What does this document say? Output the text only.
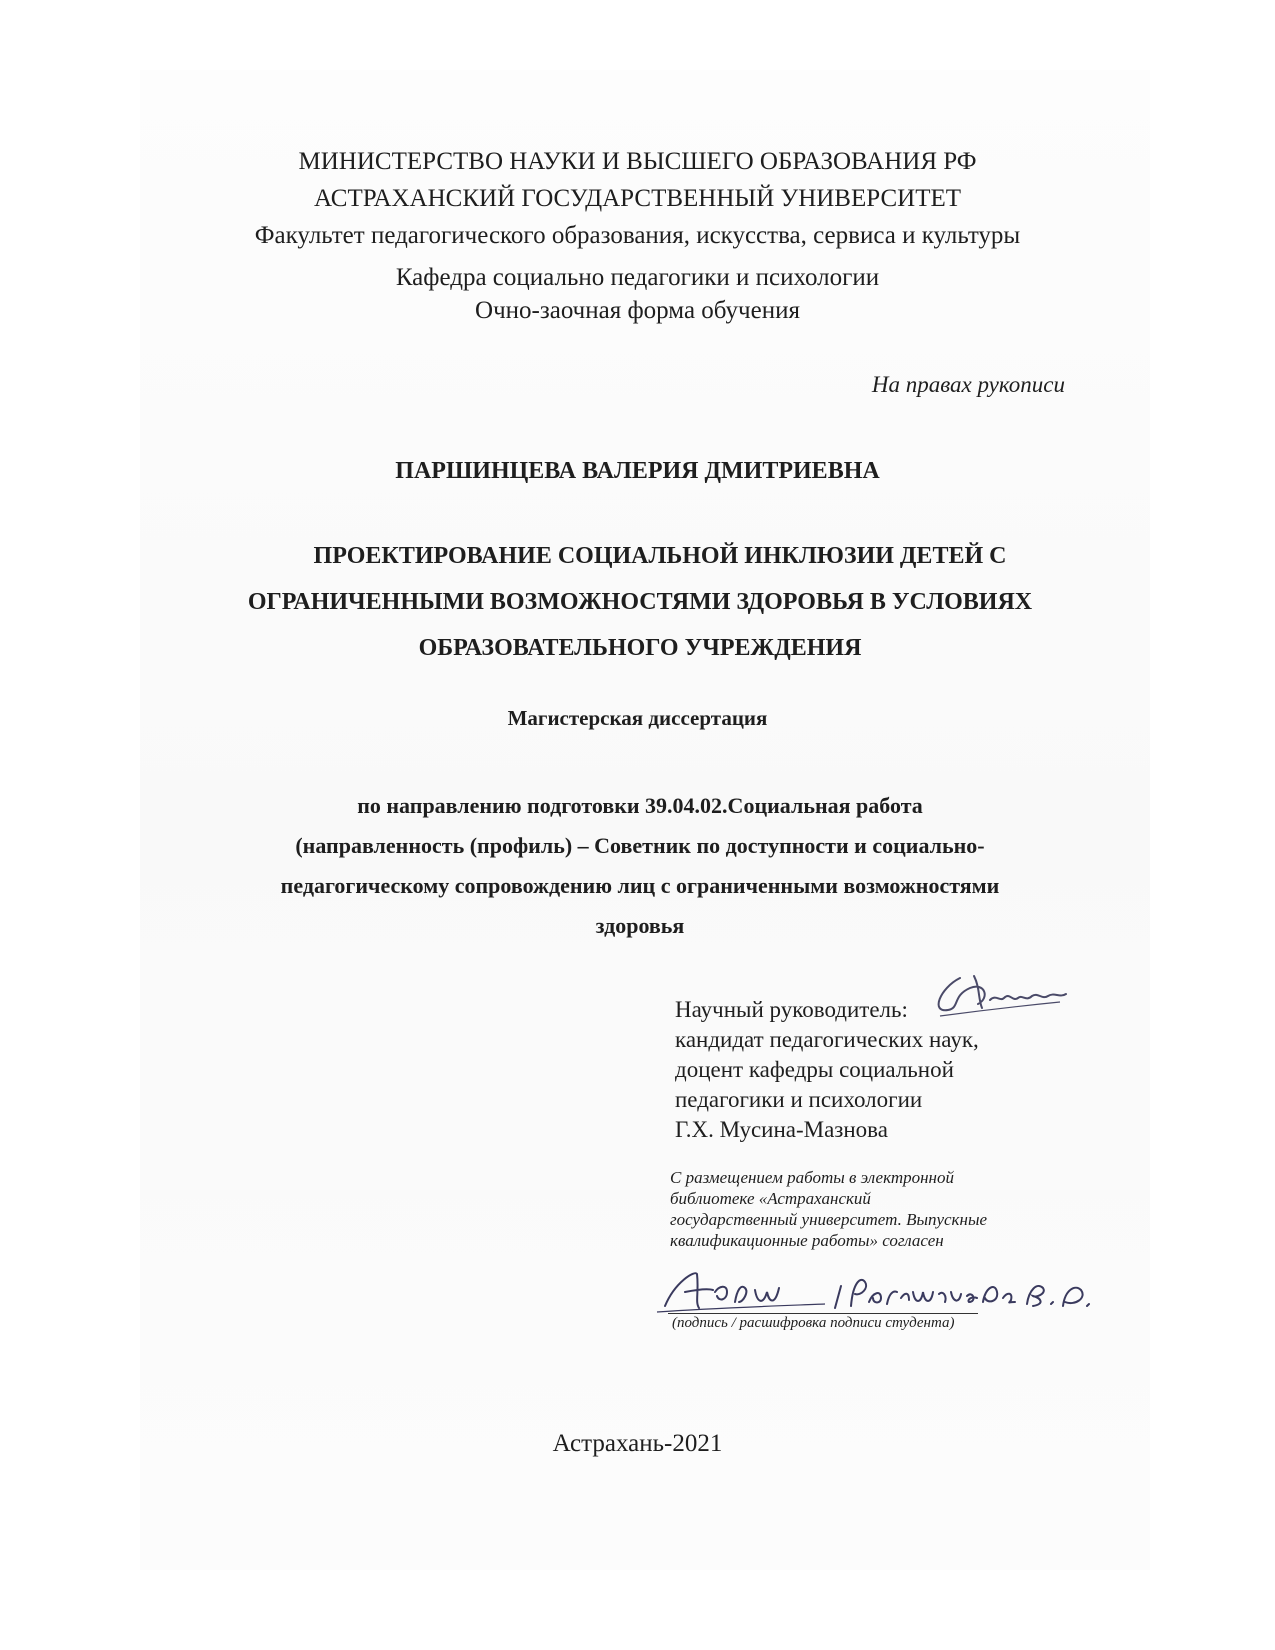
МИНИСТЕРСТВО НАУКИ И ВЫСШЕГО ОБРАЗОВАНИЯ РФ
АСТРАХАНСКИЙ ГОСУДАРСТВЕННЫЙ УНИВЕРСИТЕТ
Факультет педагогического образования, искусства, сервиса и культуры
Кафедра социально педагогики и психологии
Очно-заочная форма обучения
На правах рукописи
ПАРШИНЦЕВА ВАЛЕРИЯ ДМИТРИЕВНА
ПРОЕКТИРОВАНИЕ СОЦИАЛЬНОЙ ИНКЛЮЗИИ ДЕТЕЙ С
ОГРАНИЧЕННЫМИ ВОЗМОЖНОСТЯМИ ЗДОРОВЬЯ В УСЛОВИЯХ
ОБРАЗОВАТЕЛЬНОГО УЧРЕЖДЕНИЯ
Магистерская диссертация
по направлению подготовки 39.04.02.Социальная работа
(направленность (профиль) – Советник по доступности и социально-
педагогическому сопровождению лиц с ограниченными возможностями
здоровья
Научный руководитель:
кандидат педагогических наук,
доцент кафедры социальной
педагогики и психологии
Г.Х. Мусина-Мазнова
С размещением работы в электронной
библиотеке «Астраханский
государственный университет. Выпускные
квалификационные работы» согласен
(подпись / расшифровка подписи студента)
Астрахань-2021
